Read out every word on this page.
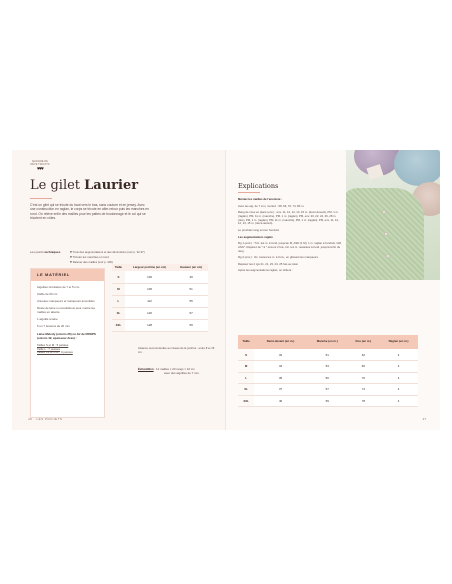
MADAME DE RÊVE TRICOTS
♥♥♥
Le gilet Laurier

C'est un gilet qui se tricote du haut vers le bas, sans couture et en jersey. Avec une construction en raglan, le corps se tricote en aller-retour puis les manches en rond. On relève enfin des mailles pour les pattes de boutonnage et le col qui se tricotent en côtes.

Les points techniques	♥ Trois des augmentations et des diminutions (voir p. 32-37)
♥ Tricoter les manches en rond
♥ Relever des mailles (voir p. 106)
LE MATÉRIEL

Aiguilles circulaires de 7 et 5 mm

Câble de 60 cm

Anneaux marqueurs et marqueurs amovibles

Reste de laine ou scoubidous pour mettre les mailles en attente

1 aiguille à laine

6 ou 7 boutons de 20 mm

Laine Melody (coloris 26) ou Air de DROPS (coloris 42, épaisseur Aran) :

Tailles S et M : 5 pelotes
Taille L : 7 pelotes
Tailles XL et XXL : 9 pelotes
Taille	Largeur poitrine (en cm)	Hauteur (en cm)
S	100	49
M	106	51
L	112	55
XL	120	57
XXL	128	59

Aisance recommandée au niveau de la poitrine : entre 8 et 15 cm.

Échantillon : 14 mailles × 20 rangs = 10 cm
avec des aiguilles de 7 mm.

46 · LES PROJETS
Explications

Montez les mailles de l'encolure :

Avec les aig. de 7 mm, montez : 68, 66, 70, 74, 80 m.

Rang de mise en place (env.) : env. 11, 12, 12, 13, 15 m. (demi-devant), PM, 1 m. (raglan), PM, 11 m. (manche), PM, 1 m. (raglan), PM, env. 20, 22, 24, 26, 28 m. (dos), PM, 1 m. (raglan), PM, 11 m. (manche), PM, 1 m. (raglan), PM, env. 11, 12, 12, 13, 15 m. (demi-devant).

Le prochain rang est sur l'endroit.

Les augmentations raglan

Rg 1 (end.) : *tric. les m. à l'end. jusqu'au M, ASD (1 M), 1 m. raglan à l'endroit, GM, ASG*. Répétez de * à * encore 3 fois, tric. les m. restantes à l'end. jusqu'à la fin du rang.

Rg 2 (env.) : tric. toutes les m. à l'env., en glissant les marqueurs.

Répétez les 2 rgs 21, 21, 23, 24, 25 fois au total.

Après les augmentations raglan, on obtient :

Taille	Demi-devant (en m.)	Manche (en m.)	Dos (en m.)	Raglan (en m.)
S	32	51	62	4
M	34	53	66	4
L	35	56	70	4
XL	37	57	74	4
XXL	40	59	78	4
47
